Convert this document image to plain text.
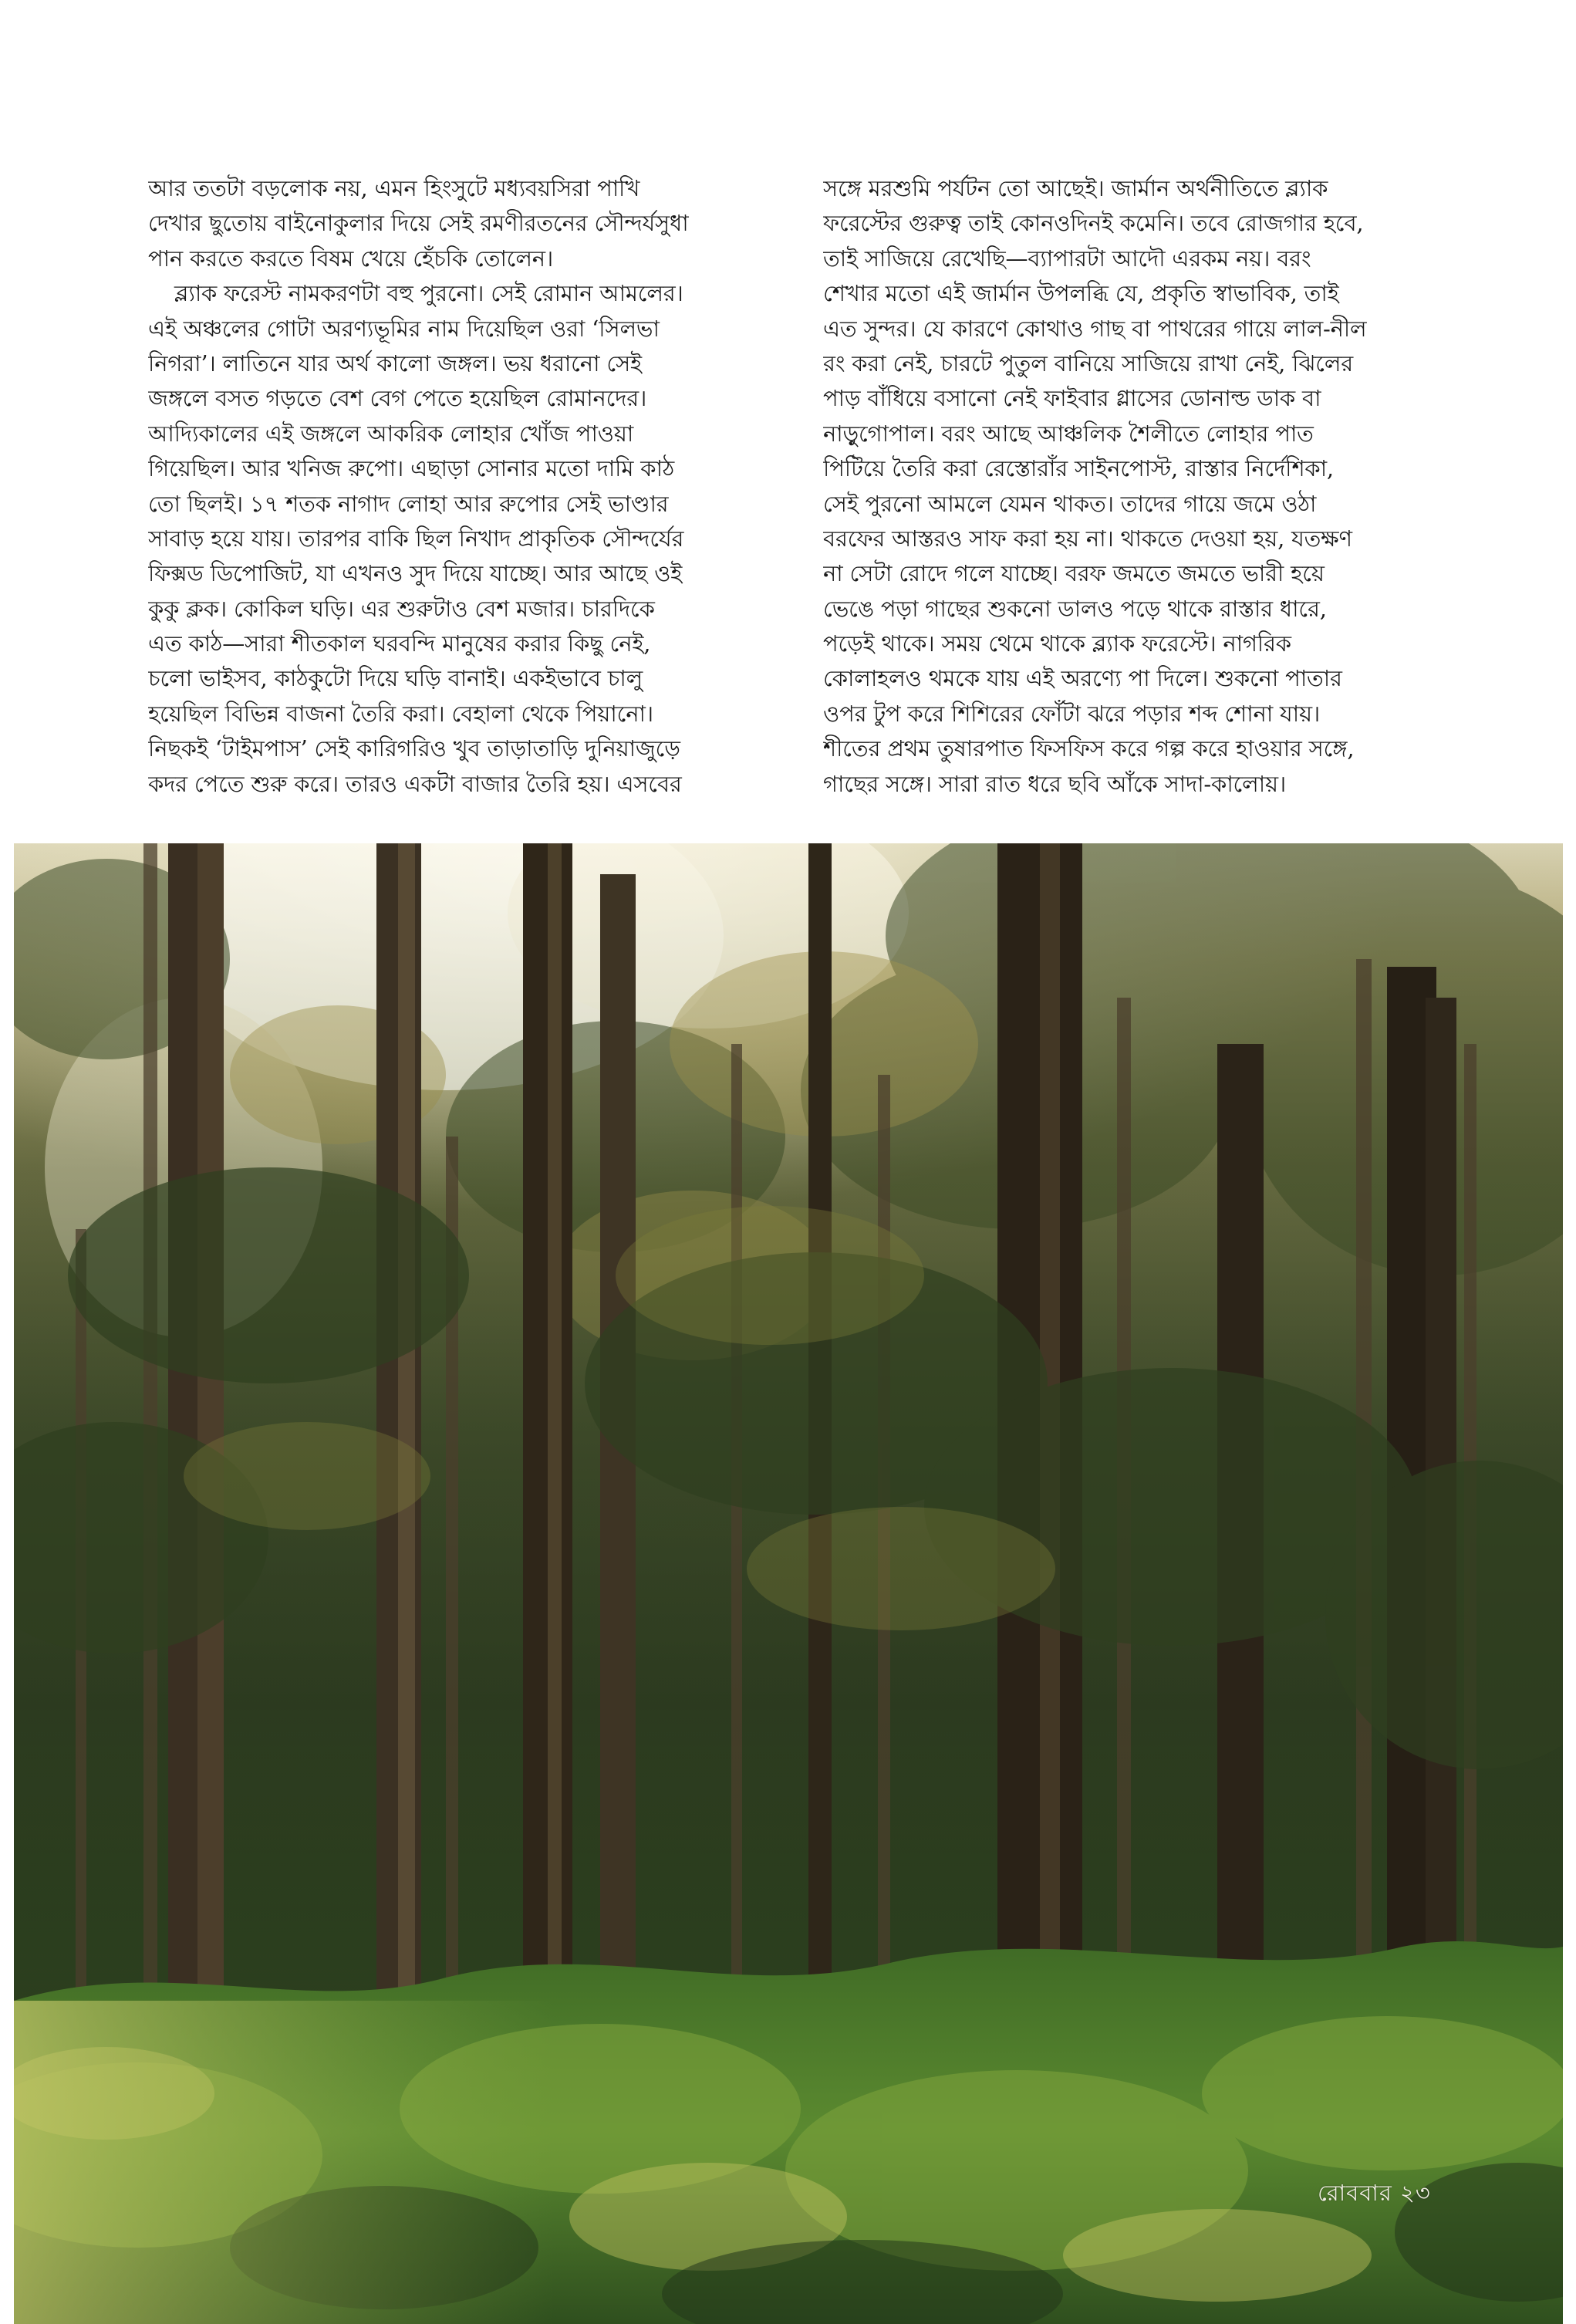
আর ততটা বড়লোক নয়, এমন হিংসুটে মধ্যবয়সিরা পাখি
দেখার ছুতোয় বাইনোকুলার দিয়ে সেই রমণীরতনের সৌন্দর্যসুধা
পান করতে করতে বিষম খেয়ে হেঁচকি তোলেন।
ব্ল্যাক ফরেস্ট নামকরণটা বহু পুরনো। সেই রোমান আমলের।
এই অঞ্চলের গোটা অরণ্যভূমির নাম দিয়েছিল ওরা ‘সিলভা
নিগরা’। লাতিনে যার অর্থ কালো জঙ্গল। ভয় ধরানো সেই
জঙ্গলে বসত গড়তে বেশ বেগ পেতে হয়েছিল রোমানদের।
আদ্যিকালের এই জঙ্গলে আকরিক লোহার খোঁজ পাওয়া
গিয়েছিল। আর খনিজ রুপো। এছাড়া সোনার মতো দামি কাঠ
তো ছিলই। ১৭ শতক নাগাদ লোহা আর রুপোর সেই ভাণ্ডার
সাবাড় হয়ে যায়। তারপর বাকি ছিল নিখাদ প্রাকৃতিক সৌন্দর্যের
ফিক্সড ডিপোজিট, যা এখনও সুদ দিয়ে যাচ্ছে। আর আছে ওই
কুকু ক্লক। কোকিল ঘড়ি। এর শুরুটাও বেশ মজার। চারদিকে
এত কাঠ—সারা শীতকাল ঘরবন্দি মানুষের করার কিছু নেই,
চলো ভাইসব, কাঠকুটো দিয়ে ঘড়ি বানাই। একইভাবে চালু
হয়েছিল বিভিন্ন বাজনা তৈরি করা। বেহালা থেকে পিয়ানো।
নিছকই ‘টাইমপাস’ সেই কারিগরিও খুব তাড়াতাড়ি দুনিয়াজুড়ে
কদর পেতে শুরু করে। তারও একটা বাজার তৈরি হয়। এসবের
সঙ্গে মরশুমি পর্যটন তো আছেই। জার্মান অর্থনীতিতে ব্ল্যাক
ফরেস্টের গুরুত্ব তাই কোনওদিনই কমেনি। তবে রোজগার হবে,
তাই সাজিয়ে রেখেছি—ব্যাপারটা আদৌ এরকম নয়। বরং
শেখার মতো এই জার্মান উপলব্ধি যে, প্রকৃতি স্বাভাবিক, তাই
এত সুন্দর। যে কারণে কোথাও গাছ বা পাথরের গায়ে লাল-নীল
রং করা নেই, চারটে পুতুল বানিয়ে সাজিয়ে রাখা নেই, ঝিলের
পাড় বাঁধিয়ে বসানো নেই ফাইবার গ্লাসের ডোনাল্ড ডাক বা
নাড়ুগোপাল। বরং আছে আঞ্চলিক শৈলীতে লোহার পাত
পিটিয়ে তৈরি করা রেস্তোরাঁর সাইনপোস্ট, রাস্তার নির্দেশিকা,
সেই পুরনো আমলে যেমন থাকত। তাদের গায়ে জমে ওঠা
বরফের আস্তরও সাফ করা হয় না। থাকতে দেওয়া হয়, যতক্ষণ
না সেটা রোদে গলে যাচ্ছে। বরফ জমতে জমতে ভারী হয়ে
ভেঙে পড়া গাছের শুকনো ডালও পড়ে থাকে রাস্তার ধারে,
পড়েই থাকে। সময় থেমে থাকে ব্ল্যাক ফরেস্টে। নাগরিক
কোলাহলও থমকে যায় এই অরণ্যে পা দিলে। শুকনো পাতার
ওপর টুপ করে শিশিরের ফোঁটা ঝরে পড়ার শব্দ শোনা যায়।
শীতের প্রথম তুষারপাত ফিসফিস করে গল্প করে হাওয়ার সঙ্গে,
গাছের সঙ্গে। সারা রাত ধরে ছবি আঁকে সাদা-কালোয়।
রোববার ২৩
